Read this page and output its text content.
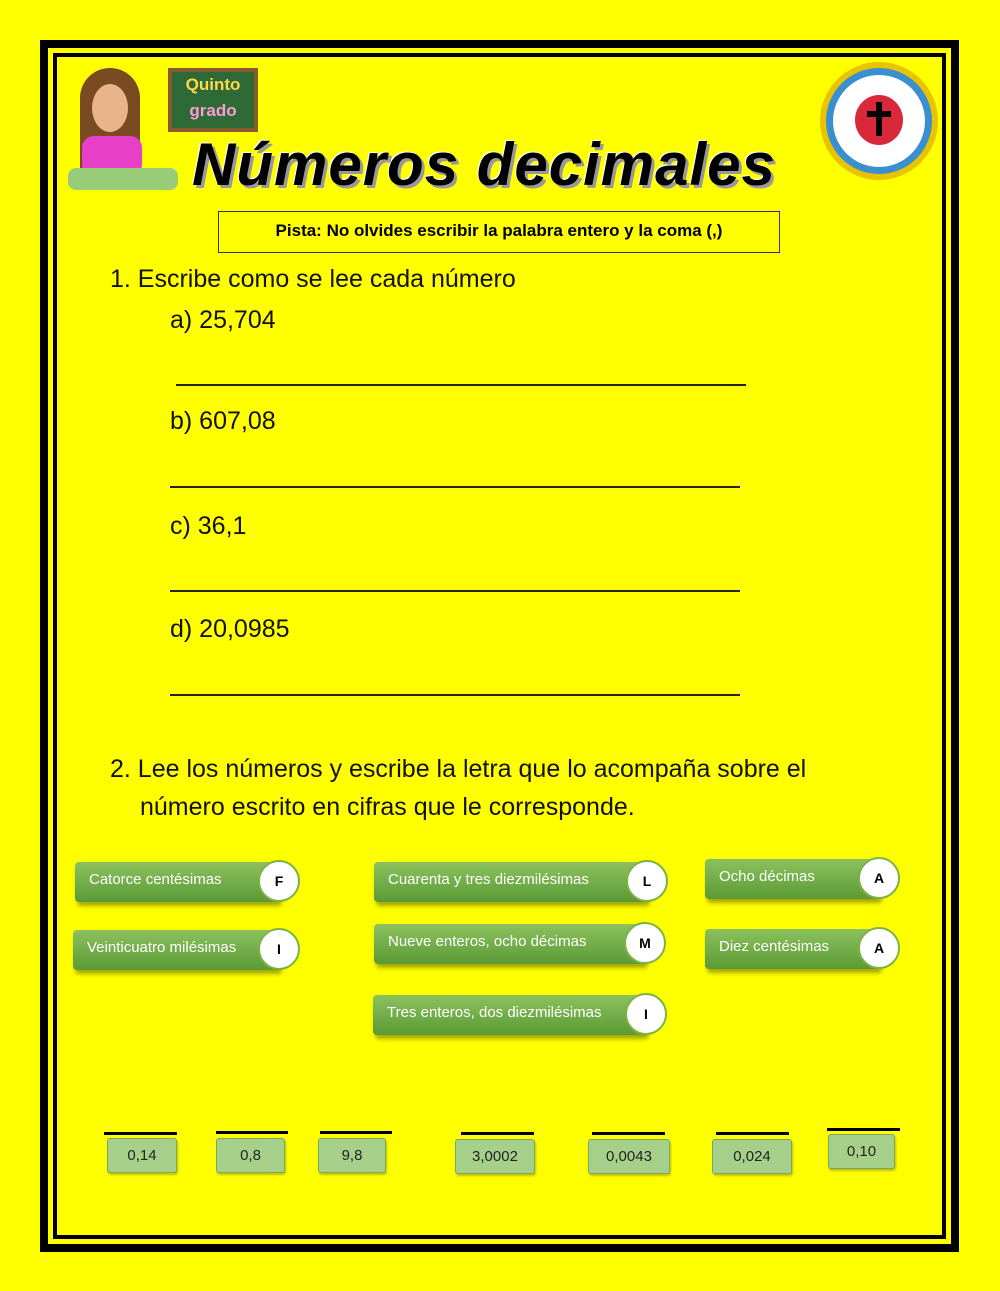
Quinto
grado
Números decimales
Pista: No olvides escribir la palabra entero y la coma (,)
1. Escribe como se lee cada número
a) 25,704
b) 607,08
c) 36,1
d) 20,0985
2. Lee los números y escribe la letra que lo acompaña sobre el
número escrito en cifras que le corresponde.
Catorce centésimas	F
Veinticuatro milésimas	I
Cuarenta y tres diezmilésimas	L
Nueve enteros, ocho décimas	M
Tres enteros, dos diezmilésimas	I
Ocho décimas	A
Diez centésimas	A
0,14	0,8	9,8	3,0002	0,0043	0,024	0,10
